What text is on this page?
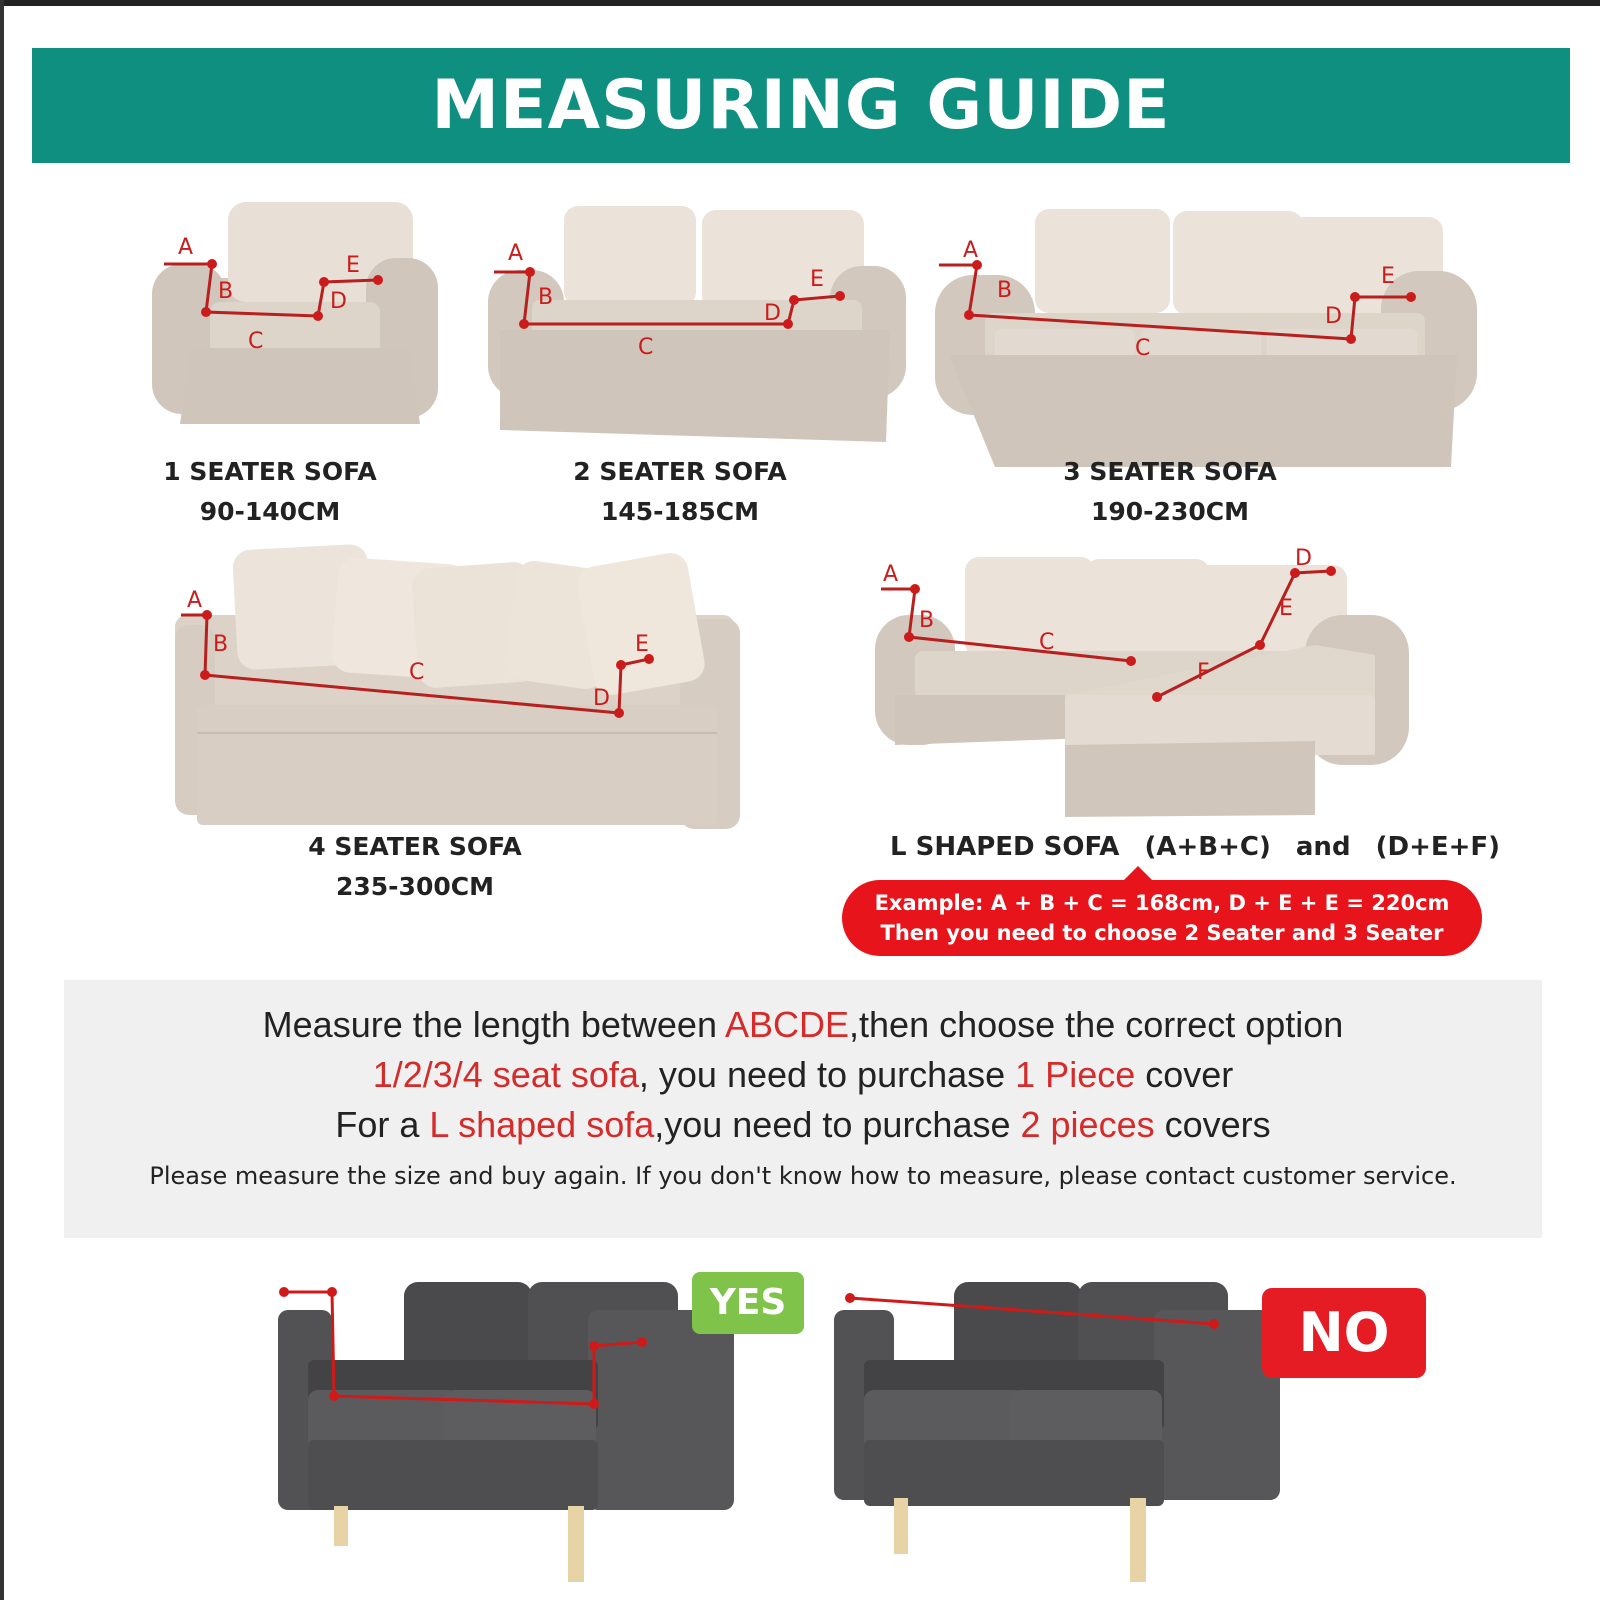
MEASURING GUIDE
A
B
C
D
E
1 SEATER SOFA
90-140CM
A
B
C
D
E
2 SEATER SOFA
145-185CM
A
B
C
D
E
3 SEATER SOFA
190-230CM
A
B
C
D
E
4 SEATER SOFA
235-300CM
A
B
C
D
E
F
L SHAPED SOFA (A+B+C) and (D+E+F)
Example: A + B + C = 168cm, D + E + E = 220cm
Then you need to choose 2 Seater and 3 Seater
Measure the length between ABCDE,then choose the correct option
1/2/3/4 seat sofa, you need to purchase 1 Piece cover
For a L shaped sofa,you need to purchase 2 pieces covers
Please measure the size and buy again. If you don't know how to measure, please contact customer service.
YES	NO
